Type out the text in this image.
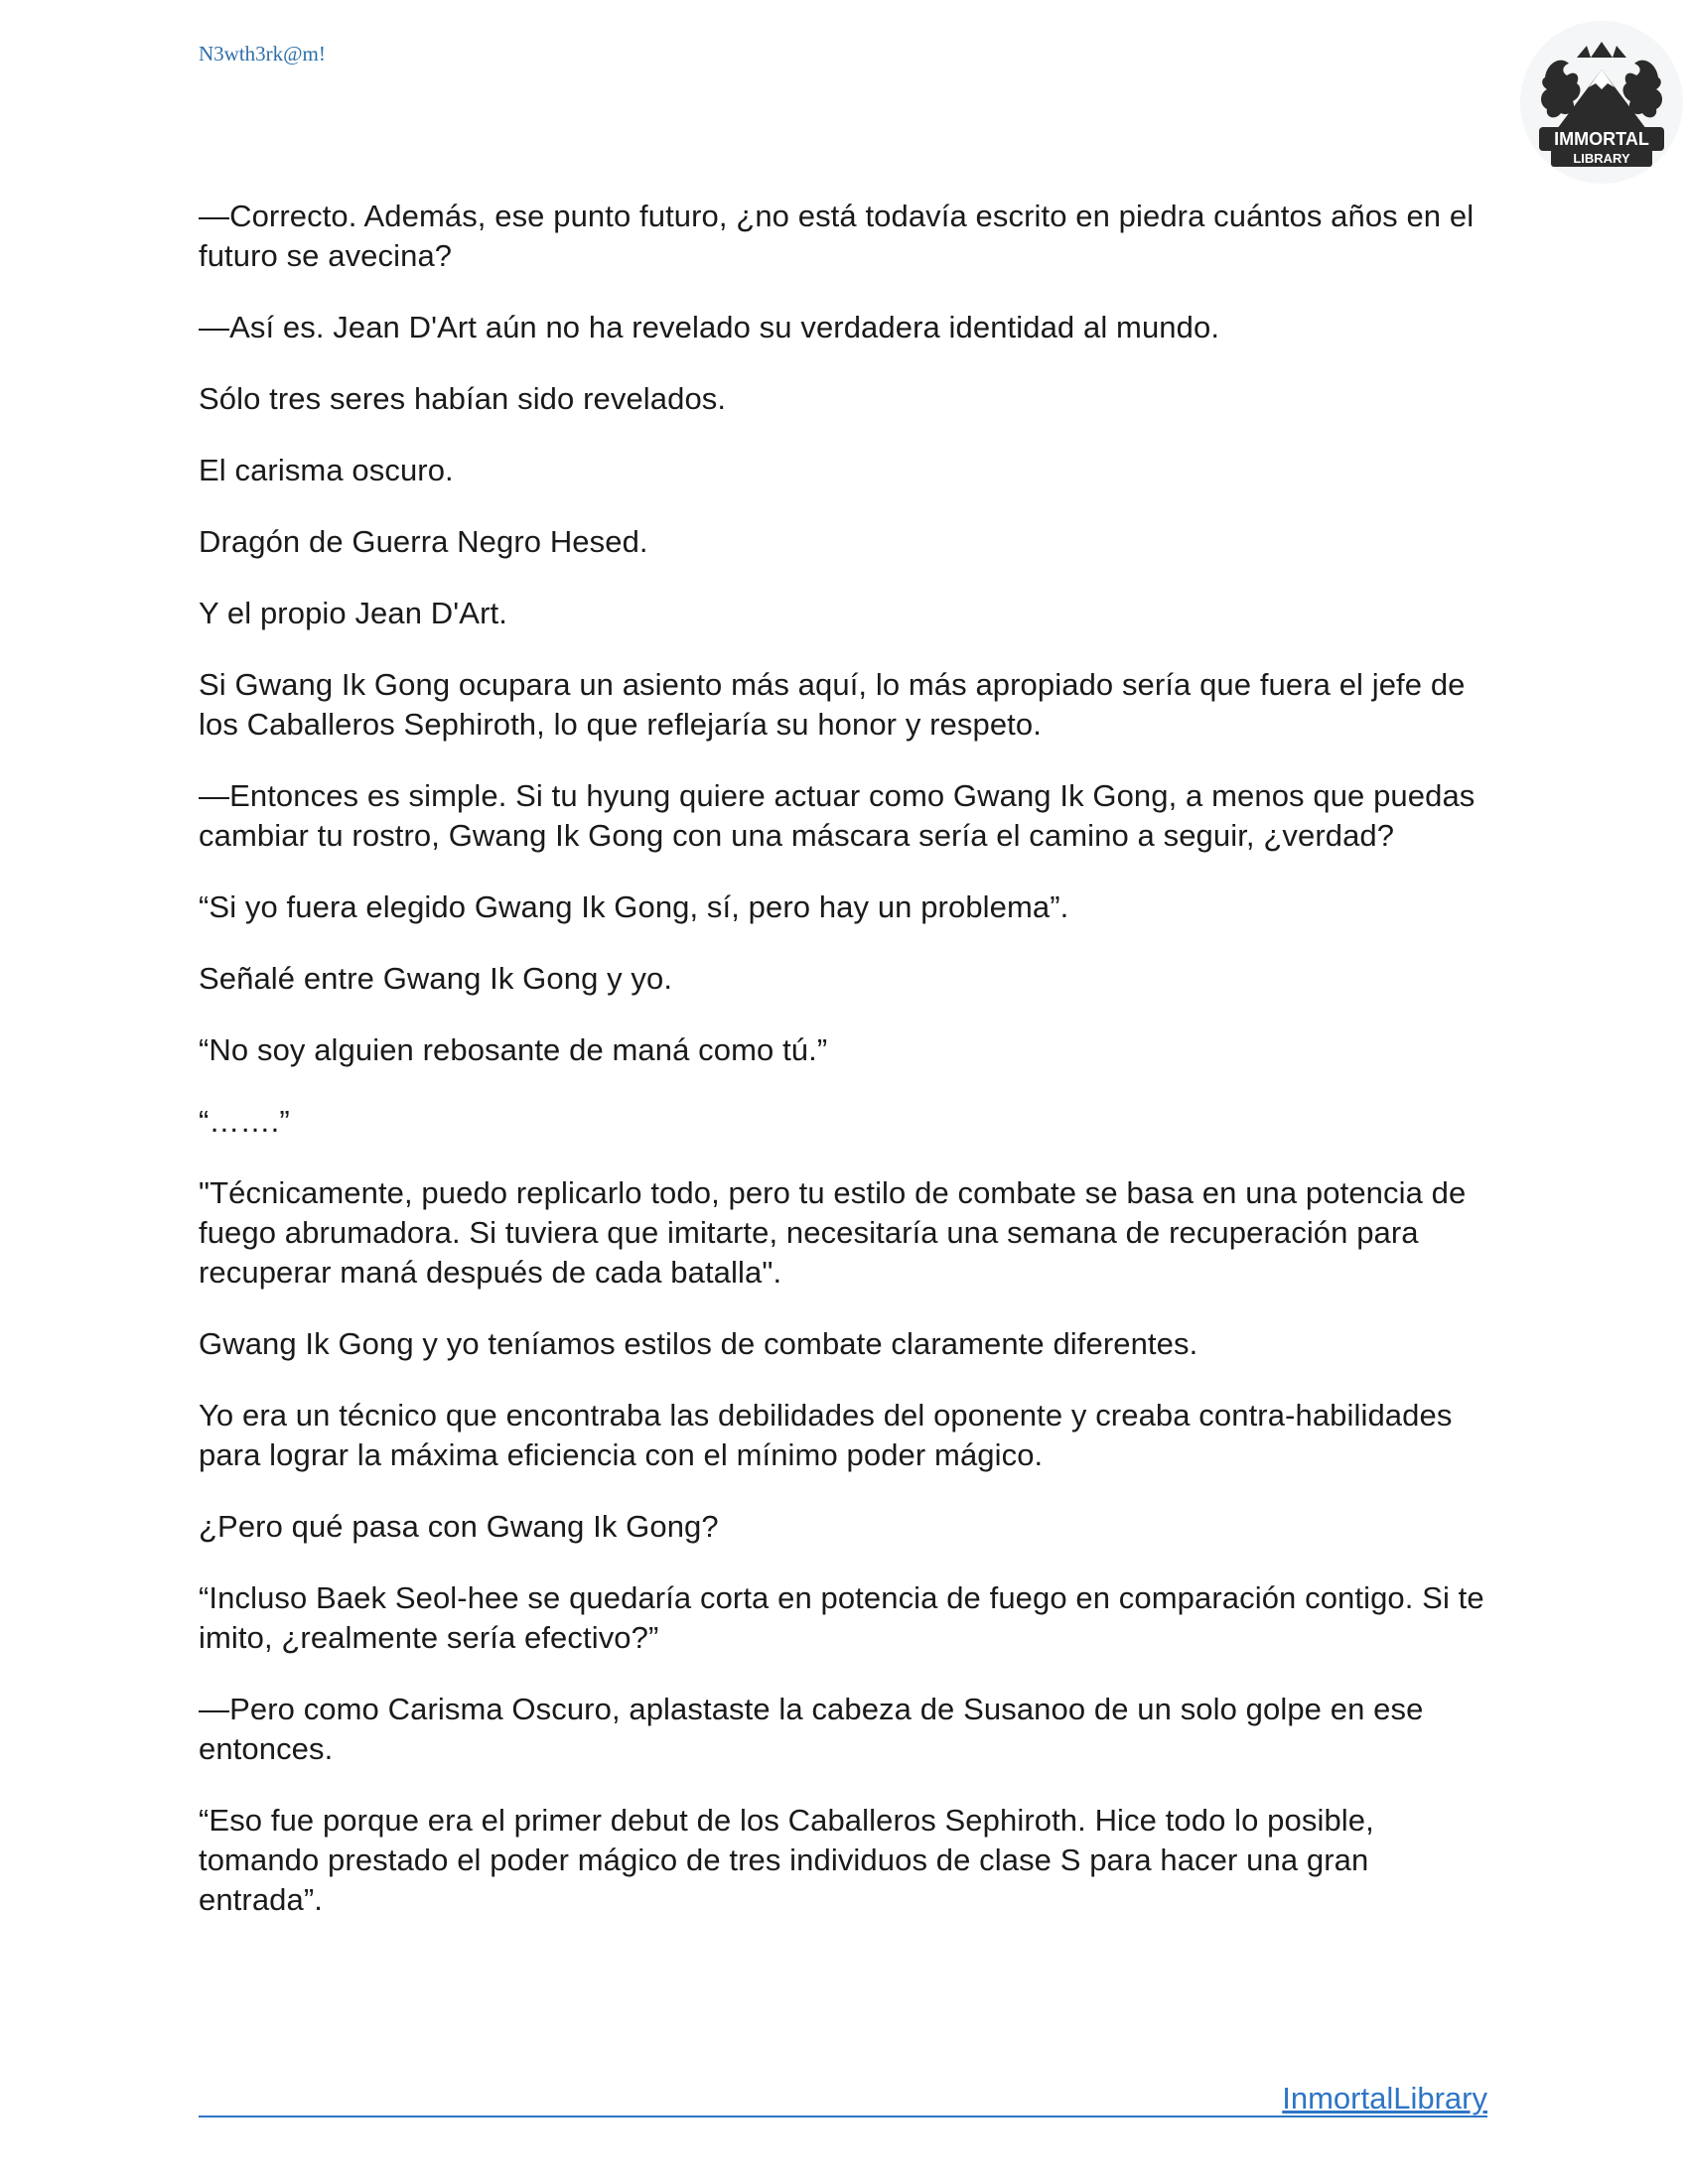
N3wth3rk@m!
IMMORTAL
LIBRARY

—Correcto. Además, ese punto futuro, ¿no está todavía escrito en piedra cuántos años en el futuro se avecina?

—Así es. Jean D'Art aún no ha revelado su verdadera identidad al mundo.

Sólo tres seres habían sido revelados.

El carisma oscuro.

Dragón de Guerra Negro Hesed.

Y el propio Jean D'Art.

Si Gwang Ik Gong ocupara un asiento más aquí, lo más apropiado sería que fuera el jefe de los Caballeros Sephiroth, lo que reflejaría su honor y respeto.

—Entonces es simple. Si tu hyung quiere actuar como Gwang Ik Gong, a menos que puedas cambiar tu rostro, Gwang Ik Gong con una máscara sería el camino a seguir, ¿verdad?

“Si yo fuera elegido Gwang Ik Gong, sí, pero hay un problema”.

Señalé entre Gwang Ik Gong y yo.

“No soy alguien rebosante de maná como tú.”

“…….”

"Técnicamente, puedo replicarlo todo, pero tu estilo de combate se basa en una potencia de fuego abrumadora. Si tuviera que imitarte, necesitaría una semana de recuperación para recuperar maná después de cada batalla".

Gwang Ik Gong y yo teníamos estilos de combate claramente diferentes.

Yo era un técnico que encontraba las debilidades del oponente y creaba contra-habilidades para lograr la máxima eficiencia con el mínimo poder mágico.

¿Pero qué pasa con Gwang Ik Gong?

“Incluso Baek Seol-hee se quedaría corta en potencia de fuego en comparación contigo. Si te imito, ¿realmente sería efectivo?”

—Pero como Carisma Oscuro, aplastaste la cabeza de Susanoo de un solo golpe en ese entonces.

“Eso fue porque era el primer debut de los Caballeros Sephiroth. Hice todo lo posible, tomando prestado el poder mágico de tres individuos de clase S para hacer una gran entrada”.

InmortalLibrary
